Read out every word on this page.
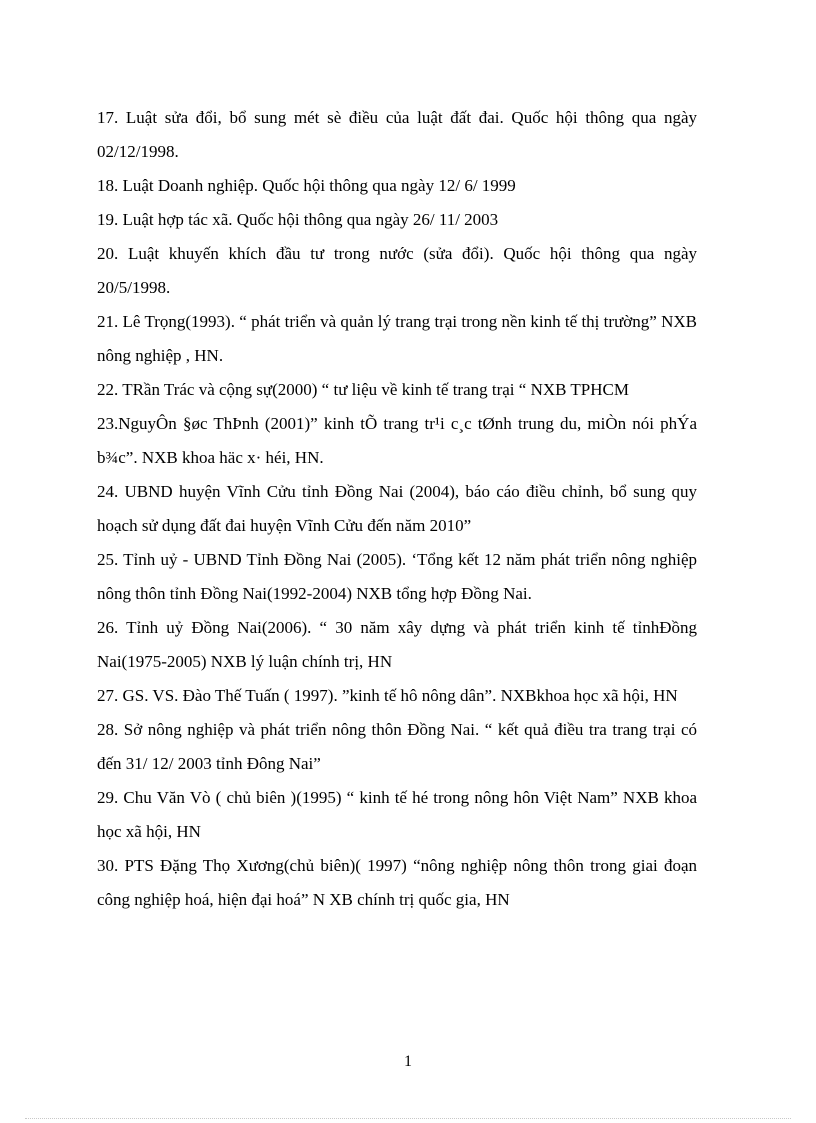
17. Luật sửa đổi, bổ sung mét sè điều của luật đất đai. Quốc hội thông qua ngày 02/12/1998.
18. Luật Doanh nghiệp. Quốc hội thông qua ngày 12/ 6/ 1999
19. Luật hợp tác xã. Quốc hội thông qua ngày 26/ 11/ 2003
20. Luật khuyến khích đầu tư trong nước (sửa đổi). Quốc hội thông qua ngày 20/5/1998.
21. Lê Trọng(1993). “ phát triển và quản lý trang trại trong nền kinh tế thị trường” NXB nông nghiệp , HN.
22. TRần Trác và cộng sự(2000) “ tư liệu về kinh tế trang trại “ NXB TPHCM
23.NguyÔn §øc ThÞnh (2001)” kinh tÕ trang tr¹i c¸c tØnh trung du, miÒn nói phÝa b¾c”. NXB khoa häc x· héi, HN.
24. UBND huyện Vĩnh Cửu tỉnh Đồng Nai (2004), báo cáo điều chỉnh, bổ sung quy hoạch sử dụng đất đai huyện Vĩnh Cửu đến năm 2010”
25. Tỉnh uỷ - UBND Tỉnh Đồng Nai (2005). ‘Tổng kết 12 năm phát triển nông nghiệp nông thôn tỉnh Đồng Nai(1992-2004) NXB tổng hợp Đồng Nai.
26. Tỉnh uỷ Đồng Nai(2006). “ 30 năm xây dựng và phát triển kinh tế tỉnhĐồng Nai(1975-2005) NXB lý luận chính trị, HN
27. GS. VS. Đào Thế Tuấn ( 1997). ”kinh tế hô nông dân”. NXBkhoa học xã hội, HN
28. Sở nông nghiệp và phát triển nông thôn Đồng Nai. “ kết quả điều tra trang trại có đến 31/ 12/ 2003 tỉnh Đông Nai”
29. Chu Văn Vò ( chủ biên )(1995) “ kinh tế hé trong nông hôn Việt Nam” NXB khoa học xã hội, HN
30. PTS Đặng Thọ Xương(chủ biên)( 1997) “nông nghiệp nông thôn trong giai đoạn công nghiệp hoá, hiện đại hoá” N XB chính trị quốc gia, HN
1
